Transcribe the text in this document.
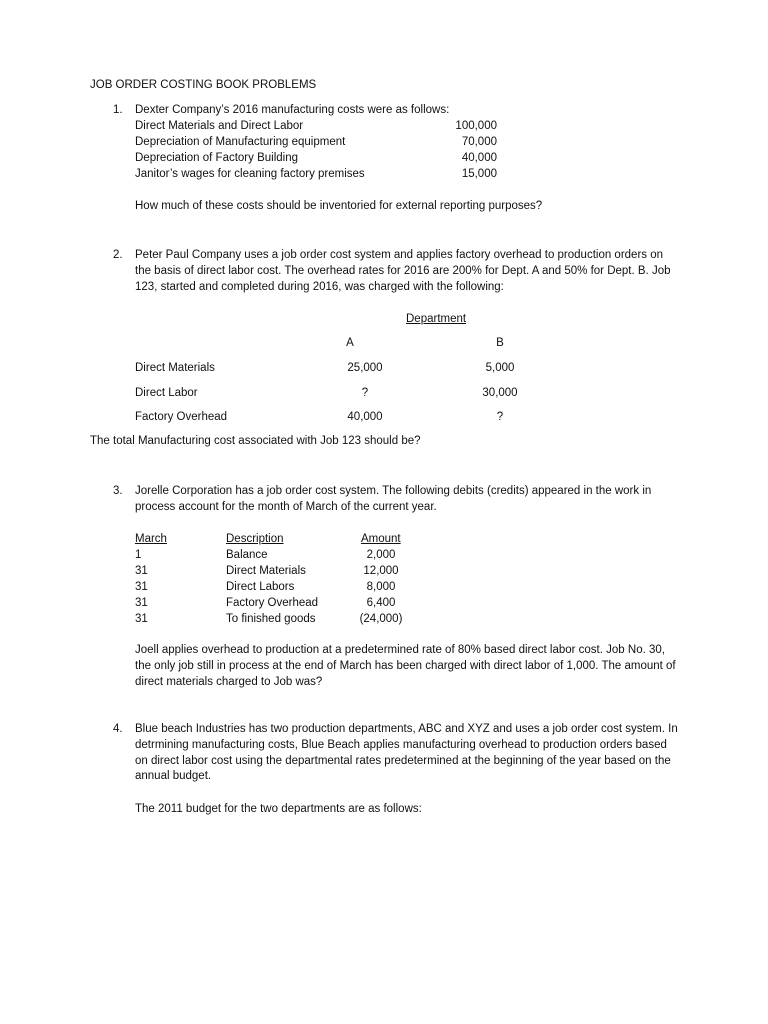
JOB ORDER COSTING BOOK PROBLEMS
1. Dexter Company’s 2016 manufacturing costs were as follows:
Direct Materials and Direct Labor	100,000
Depreciation of Manufacturing equipment	70,000
Depreciation of Factory Building	40,000
Janitor’s wages for cleaning factory premises	15,000
How much of these costs should be inventoried for external reporting purposes?
2. Peter Paul Company uses a job order cost system and applies factory overhead to production orders on the basis of direct labor cost. The overhead rates for 2016 are 200% for Dept. A and 50% for Dept. B. Job 123, started and completed during 2016, was charged with the following:
Department
A	B
Direct Materials	25,000	5,000
Direct Labor	?	30,000
Factory Overhead	40,000	?
The total Manufacturing cost associated with Job 123 should be?
3. Jorelle Corporation has a job order cost system. The following debits (credits) appeared in the work in process account for the month of March of the current year.
March	Description	Amount
1	Balance	2,000
31	Direct Materials	12,000
31	Direct Labors	8,000
31	Factory Overhead	6,400
31	To finished goods	(24,000)
Joell applies overhead to production at a predetermined rate of 80% based direct labor cost. Job No. 30, the only job still in process at the end of March has been charged with direct labor of 1,000. The amount of direct materials charged to Job was?
4. Blue beach Industries has two production departments, ABC and XYZ and uses a job order cost system. In detrmining manufacturing costs, Blue Beach applies manufacturing overhead to production orders based on direct labor cost using the departmental rates predetermined at the beginning of the year based on the annual budget.
The 2011 budget for the two departments are as follows:
